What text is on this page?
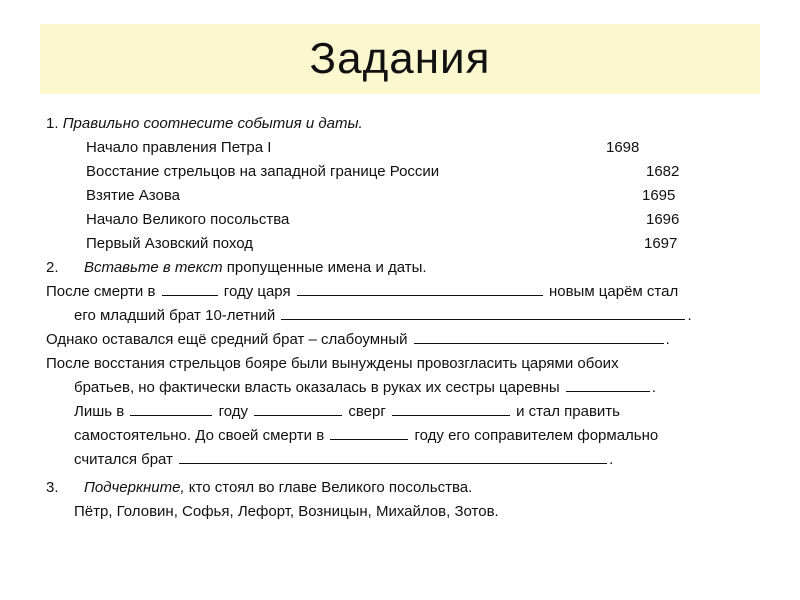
Задания
1. Правильно соотнесите события и даты.
Начало правления Петра I	1698
Восстание стрельцов на западной границе России	1682
Взятие Азова	1695
Начало Великого посольства	1696
Первый Азовский поход	1697
2. Вставьте в текст пропущенные имена и даты.
После смерти в	году царя	новым царём стал
его младший брат 10-летний	.
Однако оставался ещё средний брат – слабоумный	.
После восстания стрельцов бояре были вынуждены провозгласить царями обоих
братьев, но фактически власть оказалась в руках их сестры царевны	.
Лишь в	году	сверг	и стал править
самостоятельно. До своей смерти в	году его соправителем формально
считался брат	.
3. Подчеркните, кто стоял во главе Великого посольства.
Пётр, Головин, Софья, Лефорт, Возницын, Михайлов, Зотов.
